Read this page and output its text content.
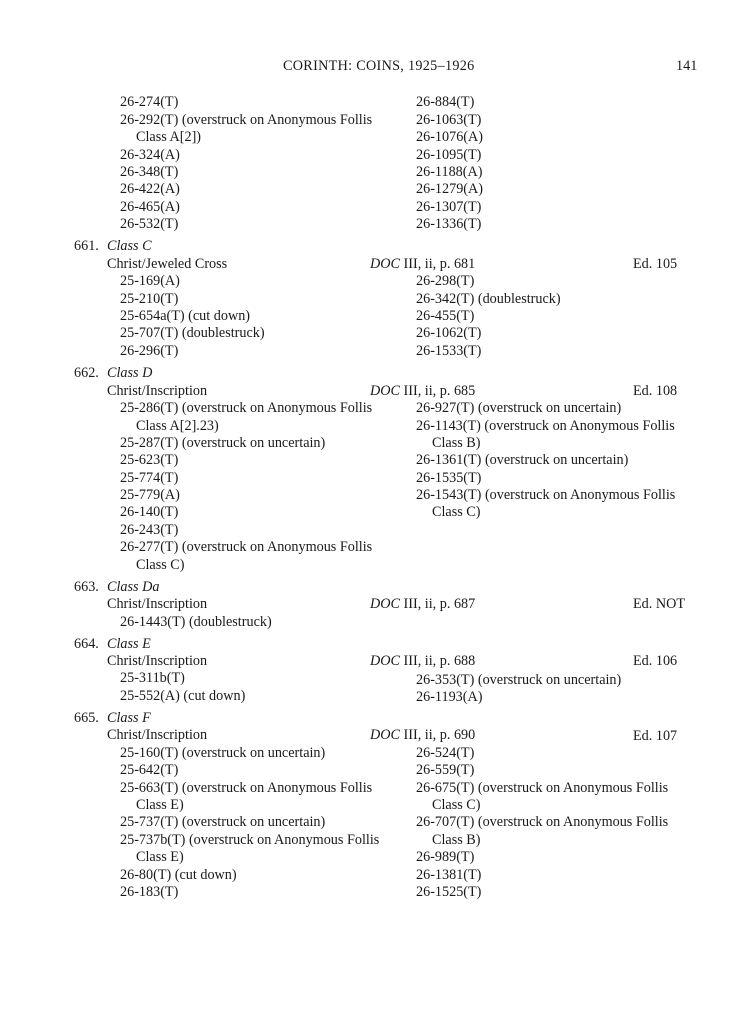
CORINTH: COINS, 1925–1926	141
26-274(T)
26-292(T) (overstruck on Anonymous Follis
Class A[2])
26-324(A)
26-348(T)
26-422(A)
26-465(A)
26-532(T)
26-884(T)
26-1063(T)
26-1076(A)
26-1095(T)
26-1188(A)
26-1279(A)
26-1307(T)
26-1336(T)
661. Class C
Christ/Jeweled Cross	DOC III, ii, p. 681	Ed. 105
25-169(A)
25-210(T)
25-654a(T) (cut down)
25-707(T) (doublestruck)
26-296(T)
26-298(T)
26-342(T) (doublestruck)
26-455(T)
26-1062(T)
26-1533(T)
662. Class D
Christ/Inscription	DOC III, ii, p. 685	Ed. 108
25-286(T) (overstruck on Anonymous Follis
Class A[2].23)
25-287(T) (overstruck on uncertain)
25-623(T)
25-774(T)
25-779(A)
26-140(T)
26-243(T)
26-277(T) (overstruck on Anonymous Follis
Class C)
26-927(T) (overstruck on uncertain)
26-1143(T) (overstruck on Anonymous Follis
Class B)
26-1361(T) (overstruck on uncertain)
26-1535(T)
26-1543(T) (overstruck on Anonymous Follis
Class C)
663. Class Da
Christ/Inscription	DOC III, ii, p. 687	Ed. NOT
26-1443(T) (doublestruck)
664. Class E
Christ/Inscription	DOC III, ii, p. 688	Ed. 106
25-311b(T)
25-552(A) (cut down)
26-353(T) (overstruck on uncertain)
26-1193(A)
665. Class F
Christ/Inscription	DOC III, ii, p. 690	Ed. 107
25-160(T) (overstruck on uncertain)
25-642(T)
25-663(T) (overstruck on Anonymous Follis
Class E)
25-737(T) (overstruck on uncertain)
25-737b(T) (overstruck on Anonymous Follis
Class E)
26-80(T) (cut down)
26-183(T)
26-524(T)
26-559(T)
26-675(T) (overstruck on Anonymous Follis
Class C)
26-707(T) (overstruck on Anonymous Follis
Class B)
26-989(T)
26-1381(T)
26-1525(T)
